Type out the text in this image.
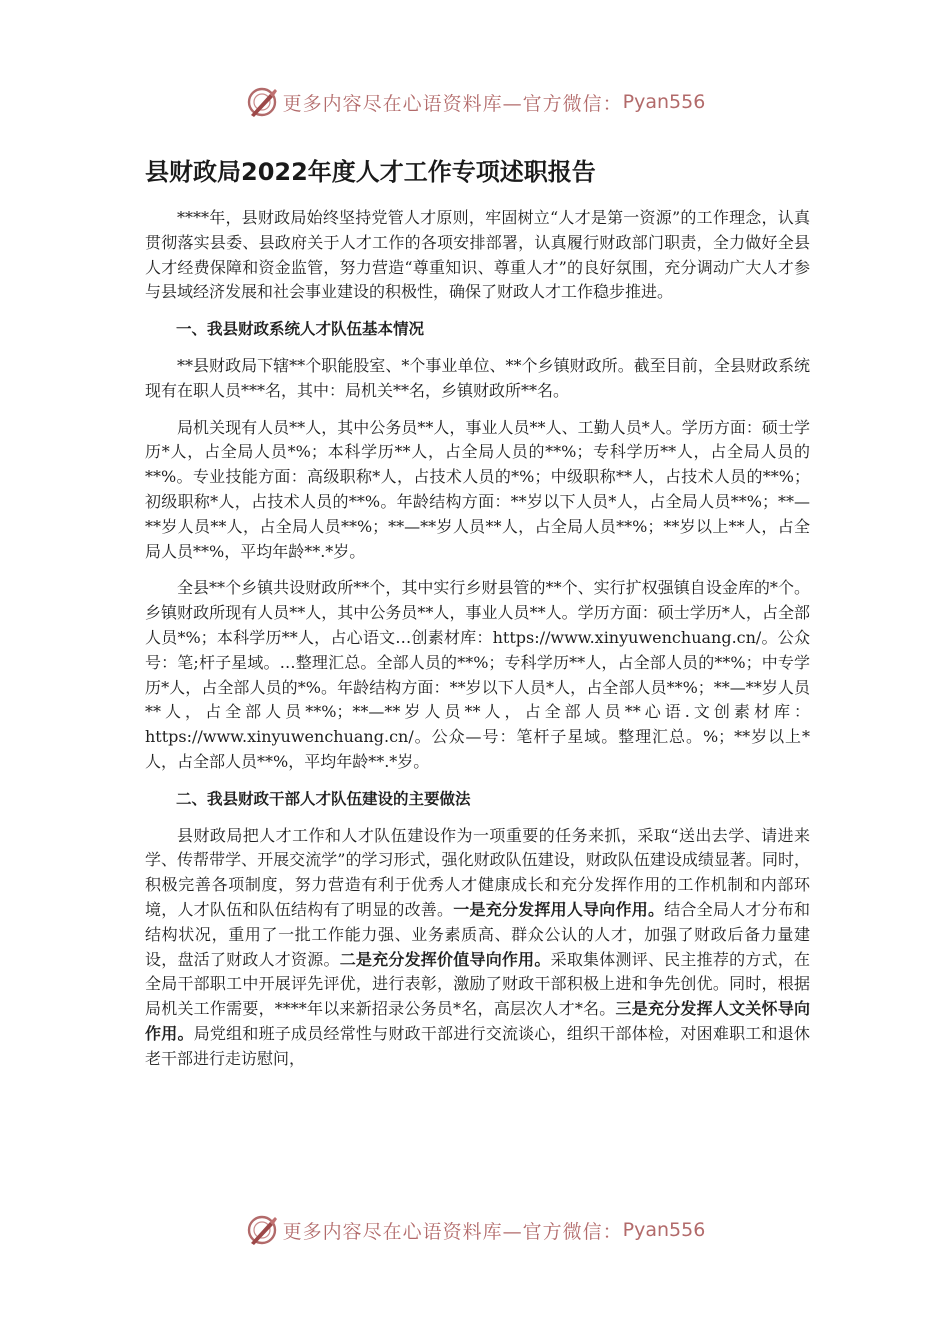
更多内容尽在心语资料库—官方微信： Pyan556
县财政局2022年度人才工作专项述职报告

****年，县财政局始终坚持党管人才原则，牢固树立“人才是第一资源”的工作理念，认真贯彻落实县委、县政府关于人才工作的各项安排部署，认真履行财政部门职责，全力做好全县人才经费保障和资金监管，努力营造“尊重知识、尊重人才”的良好氛围，充分调动广大人才参与县域经济发展和社会事业建设的积极性，确保了财政人才工作稳步推进。

一、我县财政系统人才队伍基本情况

**县财政局下辖**个职能股室、*个事业单位、**个乡镇财政所。截至目前，全县财政系统现有在职人员***名，其中：局机关**名，乡镇财政所**名。

局机关现有人员**人，其中公务员**人，事业人员**人、工勤人员*人。学历方面：硕士学历*人，占全局人员*%；本科学历**人，占全局人员的**%；专科学历**人，占全局人员的**%。专业技能方面：高级职称*人，占技术人员的*%；中级职称**人，占技术人员的**%；初级职称*人，占技术人员的**%。年龄结构方面：**岁以下人员*人，占全局人员**%；**—**岁人员**人，占全局人员**%；**—**岁人员**人，占全局人员**%；**岁以上**人，占全局人员**%，平均年龄**.*岁。

全县**个乡镇共设财政所**个，其中实行乡财县管的**个、实行扩权强镇自设金库的*个。乡镇财政所现有人员**人，其中公务员**人，事业人员**人。学历方面：硕士学历*人，占全部人员*%；本科学历**人，占心语文…创素材库：https://www.xinyuwenchuang.cn/。公众号：笔;杆子星域。…整理汇总。全部人员的**%；专科学历**人，占全部人员的**%；中专学历*人，占全部人员的*%。年龄结构方面：**岁以下人员*人，占全部人员**%；**—**岁人员**人，占全部人员**%；**—**岁人员**人，占全部人员**心语.文创素材库：https://www.xinyuwenchuang.cn/。公众—号：笔杆子星域。整理汇总。%；**岁以上*人，占全部人员**%，平均年龄**.*岁。

二、我县财政干部人才队伍建设的主要做法

县财政局把人才工作和人才队伍建设作为一项重要的任务来抓，采取“送出去学、请进来学、传帮带学、开展交流学”的学习形式，强化财政队伍建设，财政队伍建设成绩显著。同时，积极完善各项制度，努力营造有利于优秀人才健康成长和充分发挥作用的工作机制和内部环境，人才队伍和队伍结构有了明显的改善。一是充分发挥用人导向作用。结合全局人才分布和结构状况，重用了一批工作能力强、业务素质高、群众公认的人才，加强了财政后备力量建设，盘活了财政人才资源。二是充分发挥价值导向作用。采取集体测评、民主推荐的方式，在全局干部职工中开展评先评优，进行表彰，激励了财政干部积极上进和争先创优。同时，根据局机关工作需要，****年以来新招录公务员*名，高层次人才*名。三是充分发挥人文关怀导向作用。局党组和班子成员经常性与财政干部进行交流谈心，组织干部体检，对困难职工和退休老干部进行走访慰问，

更多内容尽在心语资料库—官方微信： Pyan556
